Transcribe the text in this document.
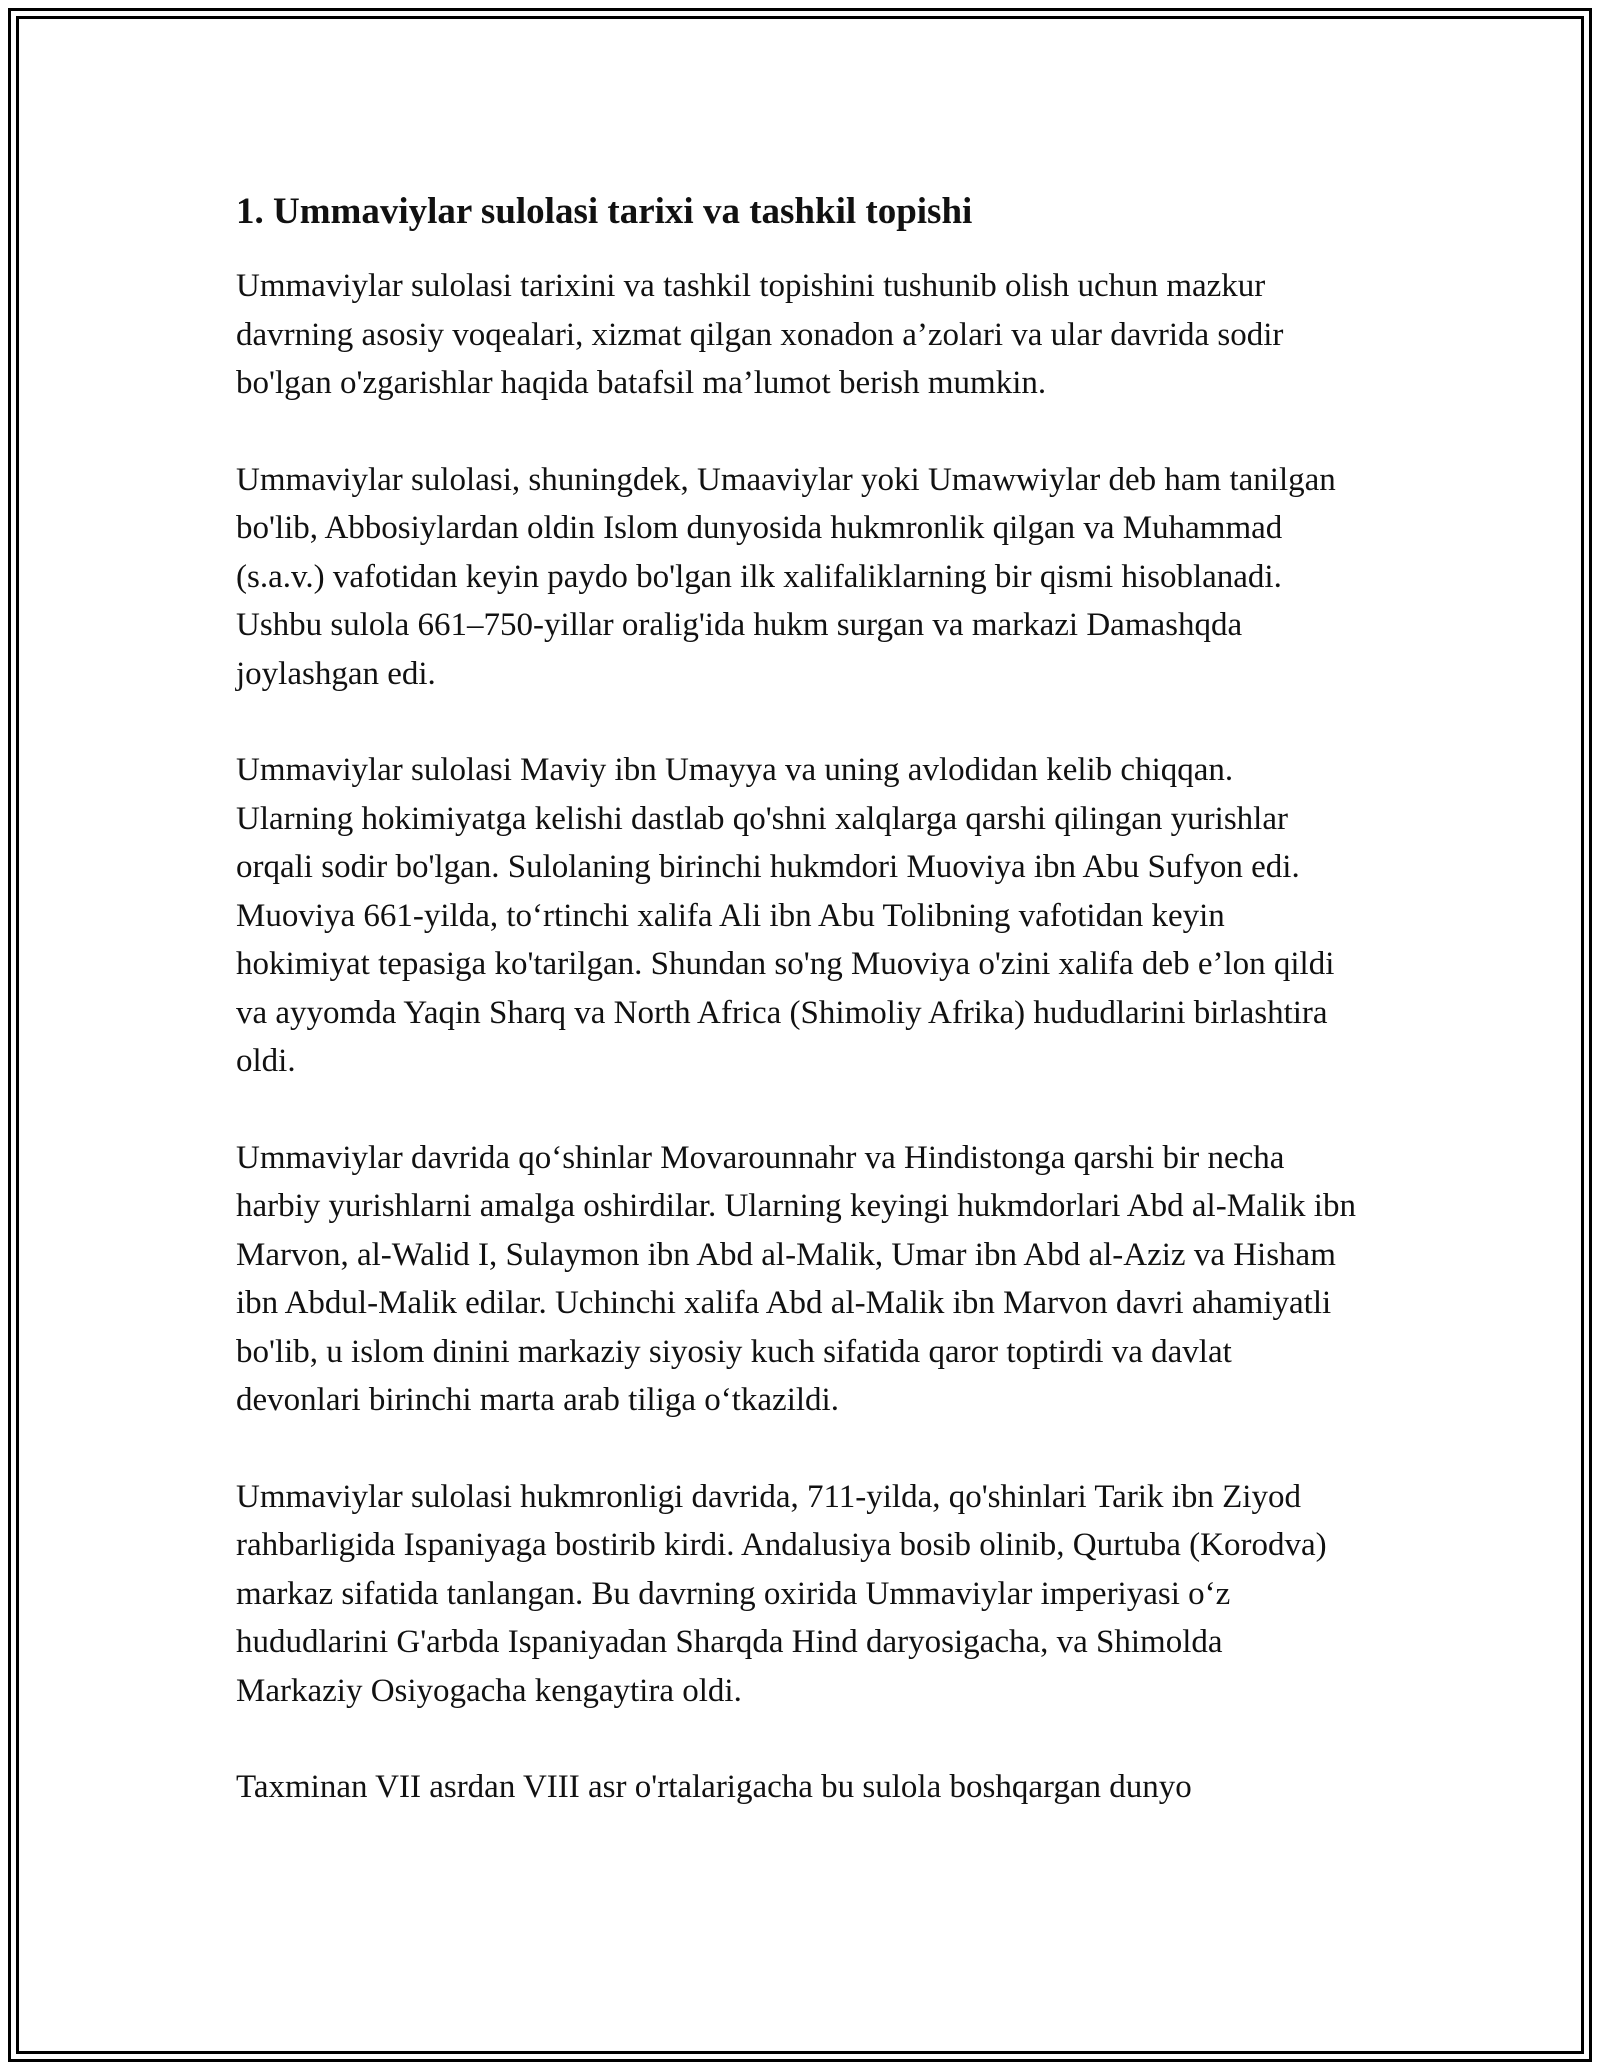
1. Ummaviylar sulolasi tarixi va tashkil topishi

Ummaviylar sulolasi tarixini va tashkil topishini tushunib olish uchun mazkur davrning asosiy voqealari, xizmat qilgan xonadon a’zolari va ular davrida sodir bo'lgan o'zgarishlar haqida batafsil ma’lumot berish mumkin.

Ummaviylar sulolasi, shuningdek, Umaaviylar yoki Umawwiylar deb ham tanilgan bo'lib, Abbosiylardan oldin Islom dunyosida hukmronlik qilgan va Muhammad (s.a.v.) vafotidan keyin paydo bo'lgan ilk xalifaliklarning bir qismi hisoblanadi. Ushbu sulola 661–750-yillar oralig'ida hukm surgan va markazi Damashqda joylashgan edi.

Ummaviylar sulolasi Maviy ibn Umayya va uning avlodidan kelib chiqqan. Ularning hokimiyatga kelishi dastlab qo'shni xalqlarga qarshi qilingan yurishlar orqali sodir bo'lgan. Sulolaning birinchi hukmdori Muoviya ibn Abu Sufyon edi. Muoviya 661-yilda, to‘rtinchi xalifa Ali ibn Abu Tolibning vafotidan keyin hokimiyat tepasiga ko'tarilgan. Shundan so'ng Muoviya o'zini xalifa deb e’lon qildi va ayyomda Yaqin Sharq va North Africa (Shimoliy Afrika) hududlarini birlashtira oldi.

Ummaviylar davrida qo‘shinlar Movarounnahr va Hindistonga qarshi bir necha harbiy yurishlarni amalga oshirdilar. Ularning keyingi hukmdorlari Abd al-Malik ibn Marvon, al-Walid I, Sulaymon ibn Abd al-Malik, Umar ibn Abd al-Aziz va Hisham ibn Abdul-Malik edilar. Uchinchi xalifa Abd al-Malik ibn Marvon davri ahamiyatli bo'lib, u islom dinini markaziy siyosiy kuch sifatida qaror toptirdi va davlat devonlari birinchi marta arab tiliga o‘tkazildi.

Ummaviylar sulolasi hukmronligi davrida, 711-yilda, qo'shinlari Tarik ibn Ziyod rahbarligida Ispaniyaga bostirib kirdi. Andalusiya bosib olinib, Qurtuba (Korodva) markaz sifatida tanlangan. Bu davrning oxirida Ummaviylar imperiyasi o‘z hududlarini G'arbda Ispaniyadan Sharqda Hind daryosigacha, va Shimolda Markaziy Osiyogacha kengaytira oldi.

Taxminan VII asrdan VIII asr o'rtalarigacha bu sulola boshqargan dunyo
